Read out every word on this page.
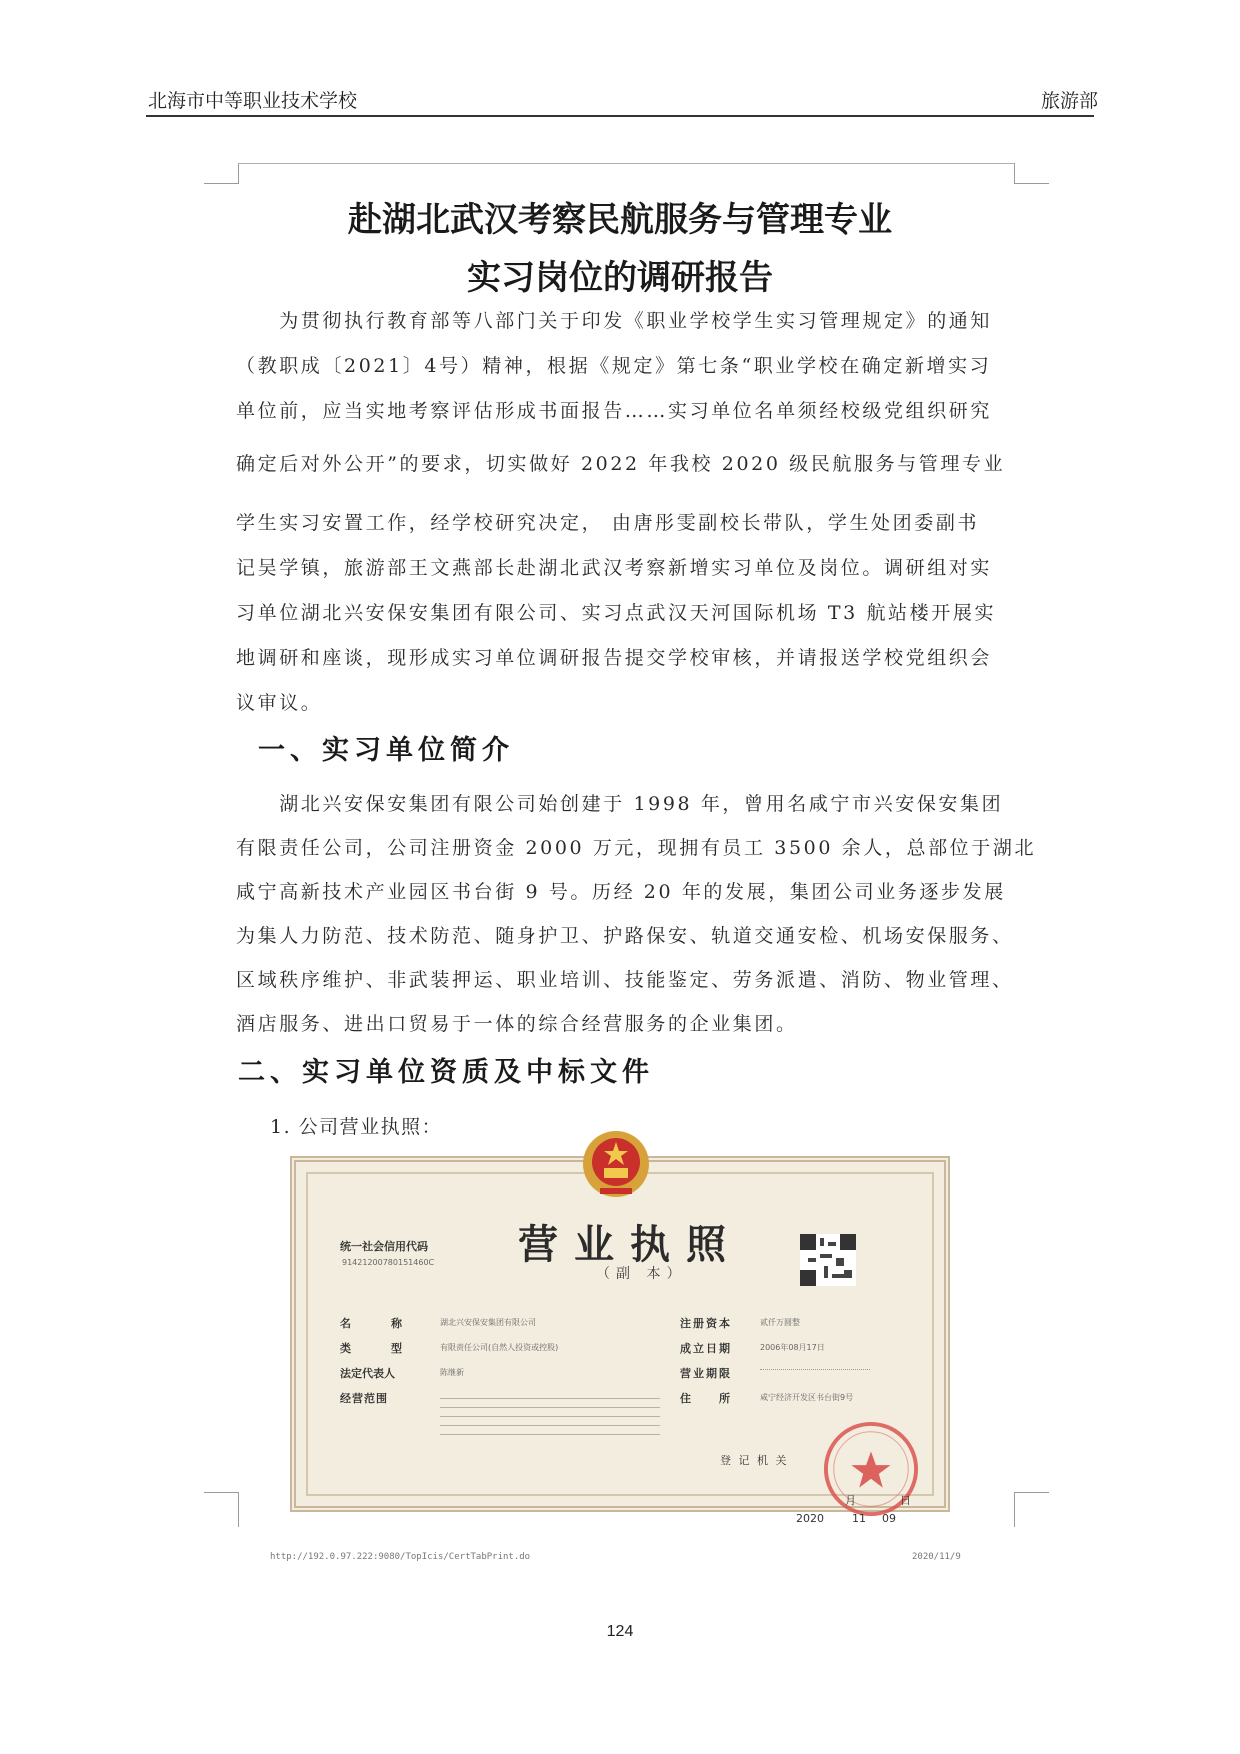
北海市中等职业技术学校	旅游部
赴湖北武汉考察民航服务与管理专业
实习岗位的调研报告
　　为贯彻执行教育部等八部门关于印发《职业学校学生实习管理规定》的通知
（教职成〔2021〕4号）精神，根据《规定》第七条“职业学校在确定新增实习
单位前，应当实地考察评估形成书面报告……实习单位名单须经校级党组织研究
确定后对外公开”的要求，切实做好 2022 年我校 2020 级民航服务与管理专业
学生实习安置工作，经学校研究决定， 由唐彤雯副校长带队，学生处团委副书
记吴学镇，旅游部王文燕部长赴湖北武汉考察新增实习单位及岗位。调研组对实
习单位湖北兴安保安集团有限公司、实习点武汉天河国际机场 T3 航站楼开展实
地调研和座谈，现形成实习单位调研报告提交学校审核，并请报送学校党组织会
议审议。
一、实习单位简介
　　湖北兴安保安集团有限公司始创建于 1998 年，曾用名咸宁市兴安保安集团
有限责任公司，公司注册资金 2000 万元，现拥有员工 3500 余人，总部位于湖北
咸宁高新技术产业园区书台街 9 号。历经 20 年的发展，集团公司业务逐步发展
为集人力防范、技术防范、随身护卫、护路保安、轨道交通安检、机场安保服务、
区域秩序维护、非武装押运、职业培训、技能鉴定、劳务派遣、消防、物业管理、
酒店服务、进出口贸易于一体的综合经营服务的企业集团。
二、实习单位资质及中标文件
1. 公司营业执照：
营业执照
（副 本）
统一社会信用代码
91421200780151460C
名　　称	湖北兴安保安集团有限公司
类　　型	有限责任公司(自然人投资或控股)
法定代表人	陈继新
经营范围
注册资本	贰仟万圆整
成立日期	2006年08月17日
营业期限
住　　所	咸宁经济开发区书台街9号
登 记 机 关
月	日
2020	11 09
http://192.0.97.222:9080/TopIcis/CertTabPrint.do	2020/11/9
124
